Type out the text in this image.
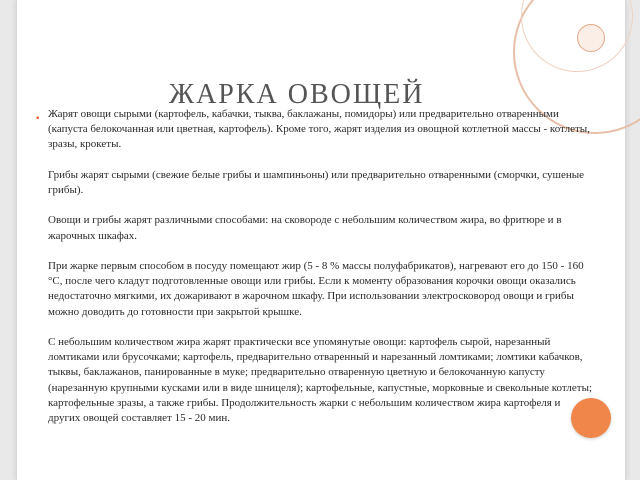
ЖАРКА ОВОЩЕЙ
▪ Жарят овощи сырыми (картофель, кабачки, тыква, баклажаны, помидоры) или предварительно отваренными (капуста белокочанная или цветная, картофель). Кроме того, жарят изделия из овощной котлетной массы - котлеты, зразы, крокеты.

Грибы жарят сырыми (свежие белые грибы и шампиньоны) или предварительно отваренными (сморчки, сушеные грибы).

Овощи и грибы жарят различными способами: на сковороде с небольшим количеством жира, во фритюре и в жарочных шкафах.

При жарке первым способом в посуду помещают жир (5 - 8 % массы полуфабрикатов), нагревают его до 150 - 160 °С, после чего кладут подготовленные овощи или грибы. Если к моменту образования корочки овощи оказались недостаточно мягкими, их дожаривают в жарочном шкафу. При использовании электросковород овощи и грибы можно доводить до готовности при закрытой крышке.

С небольшим количеством жира жарят практически все упомянутые овощи: картофель сырой, нарезанный ломтиками или брусочками; картофель, предварительно отваренный и нарезанный ломтиками; ломтики кабачков, тыквы, баклажанов, панированные в муке; предварительно отваренную цветную и белокочанную капусту (нарезанную крупными кусками или в виде шницеля); картофельные, капустные, морковные и свекольные котлеты; картофельные зразы, а также грибы. Продолжительность жарки с небольшим количеством жира картофеля и других овощей составляет 15 - 20 мин.
